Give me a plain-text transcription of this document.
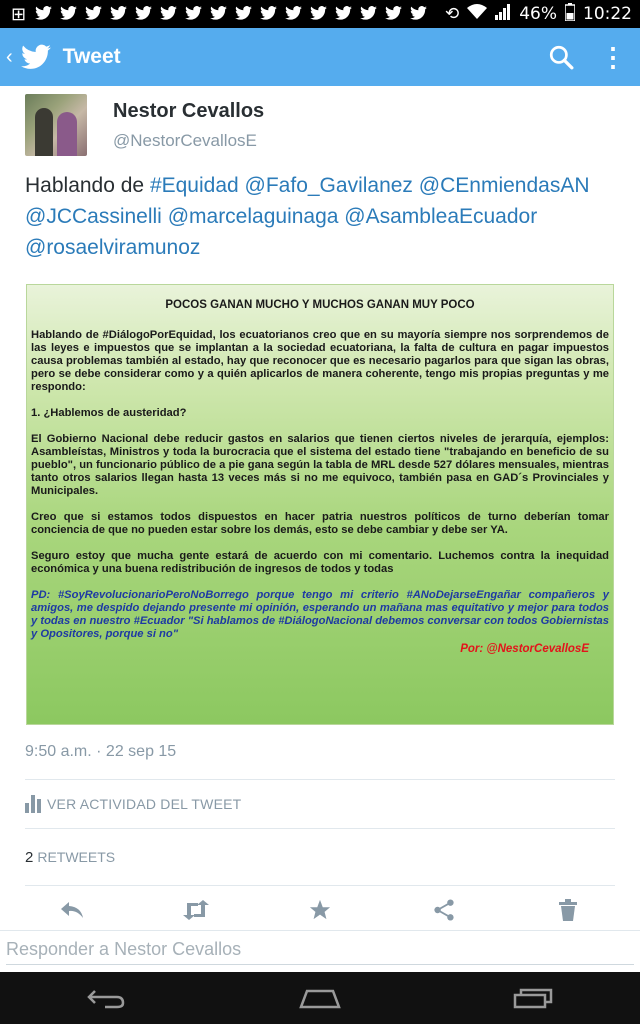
⊞	⟲	46% 10:22
‹ Tweet	⋮
Nestor Cevallos
@NestorCevallosE
Hablando de #Equidad @Fafo_Gavilanez @CEnmiendasAN @JCCassinelli @marcelaguinaga @AsambleaEcuador @rosaelviramunoz
POCOS GANAN MUCHO Y MUCHOS GANAN MUY POCO
Hablando de #DiálogoPorEquidad, los ecuatorianos creo que en su mayoría siempre nos sorprendemos de las leyes e impuestos que se implantan a la sociedad ecuatoriana, la falta de cultura en pagar impuestos causa problemas también al estado, hay que reconocer que es necesario pagarlos para que sigan las obras, pero se debe considerar como y a quién aplicarlos de manera coherente, tengo mis propias preguntas y me respondo:
1. ¿Hablemos de austeridad?
El Gobierno Nacional debe reducir gastos en salarios que tienen ciertos niveles de jerarquía, ejemplos: Asambleístas, Ministros y toda la burocracia que el sistema del estado tiene "trabajando en beneficio de su pueblo", un funcionario público de a pie gana según la tabla de MRL desde 527 dólares mensuales, mientras tanto otros salarios llegan hasta 13 veces más si no me equivoco, también pasa en GAD´s Provinciales y Municipales.
Creo que si estamos todos dispuestos en hacer patria nuestros políticos de turno deberían tomar conciencia de que no pueden estar sobre los demás, esto se debe cambiar y debe ser YA.
Seguro estoy que mucha gente estará de acuerdo con mi comentario. Luchemos contra la inequidad económica y una buena redistribución de ingresos de todos y todas
PD: #SoyRevolucionarioPeroNoBorrego porque tengo mi criterio #ANoDejarseEngañar compañeros y amigos, me despido dejando presente mi opinión, esperando un mañana mas equitativo y mejor para todos y todas en nuestro #Ecuador "Si hablamos de #DiálogoNacional debemos conversar con todos Gobiernistas y Opositores, porque si no"
Por: @NestorCevallosE
9:50 a.m. · 22 sep 15
VER ACTIVIDAD DEL TWEET
2 RETWEETS
Responder a Nestor Cevallos
